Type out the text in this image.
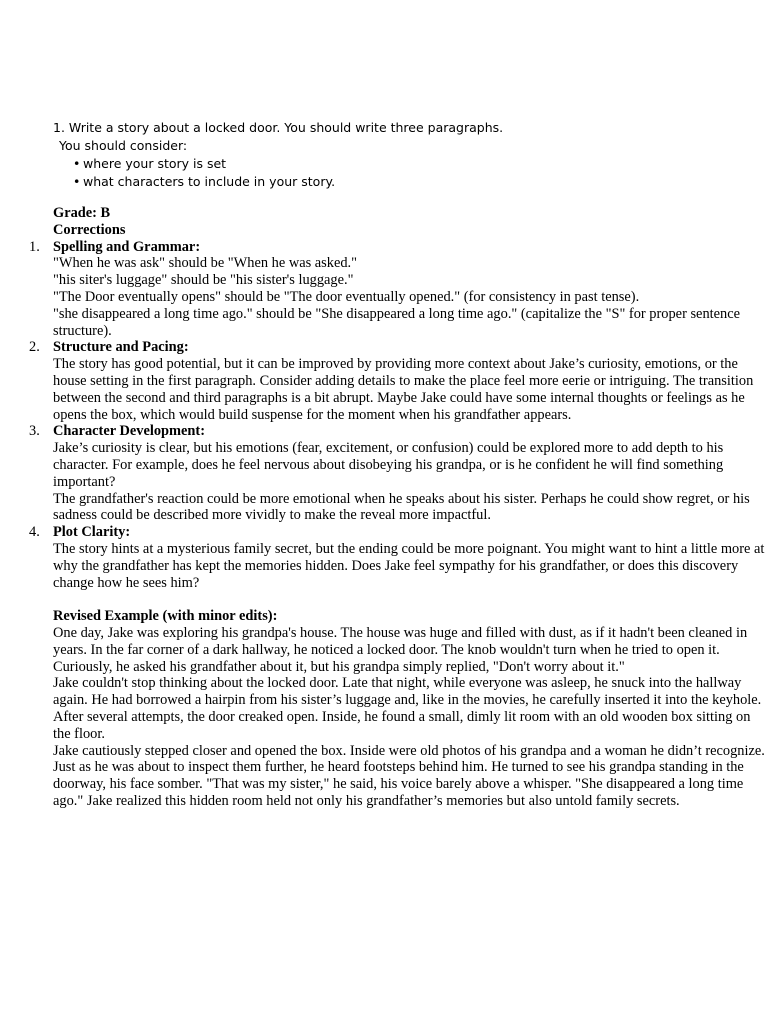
1. Write a story about a locked door. You should write three paragraphs.
You should consider:
• where your story is set
• what characters to include in your story.
Grade: B
Corrections
1. Spelling and Grammar:

"When he was ask" should be "When he was asked."

"his siter's luggage" should be "his sister's luggage."

"The Door eventually opens" should be "The door eventually opened." (for consistency in past tense).

"she disappeared a long time ago." should be "She disappeared a long time ago." (capitalize the "S" for proper sentence structure).

2. Structure and Pacing:

The story has good potential, but it can be improved by providing more context about Jake’s curiosity, emotions, or the house setting in the first paragraph. Consider adding details to make the place feel more eerie or intriguing. The transition between the second and third paragraphs is a bit abrupt. Maybe Jake could have some internal thoughts or feelings as he opens the box, which would build suspense for the moment when his grandfather appears.

3. Character Development:

Jake’s curiosity is clear, but his emotions (fear, excitement, or confusion) could be explored more to add depth to his character. For example, does he feel nervous about disobeying his grandpa, or is he confident he will find something important?

The grandfather's reaction could be more emotional when he speaks about his sister. Perhaps he could show regret, or his sadness could be described more vividly to make the reveal more impactful.

4. Plot Clarity:

The story hints at a mysterious family secret, but the ending could be more poignant. You might want to hint a little more at why the grandfather has kept the memories hidden. Does Jake feel sympathy for his grandfather, or does this discovery change how he sees him?

Revised Example (with minor edits):

One day, Jake was exploring his grandpa's house. The house was huge and filled with dust, as if it hadn't been cleaned in years. In the far corner of a dark hallway, he noticed a locked door. The knob wouldn't turn when he tried to open it. Curiously, he asked his grandfather about it, but his grandpa simply replied, "Don't worry about it."

Jake couldn't stop thinking about the locked door. Late that night, while everyone was asleep, he snuck into the hallway again. He had borrowed a hairpin from his sister’s luggage and, like in the movies, he carefully inserted it into the keyhole. After several attempts, the door creaked open. Inside, he found a small, dimly lit room with an old wooden box sitting on the floor.

Jake cautiously stepped closer and opened the box. Inside were old photos of his grandpa and a woman he didn’t recognize. Just as he was about to inspect them further, he heard footsteps behind him. He turned to see his grandpa standing in the doorway, his face somber. "That was my sister," he said, his voice barely above a whisper. "She disappeared a long time ago." Jake realized this hidden room held not only his grandfather’s memories but also untold family secrets.
